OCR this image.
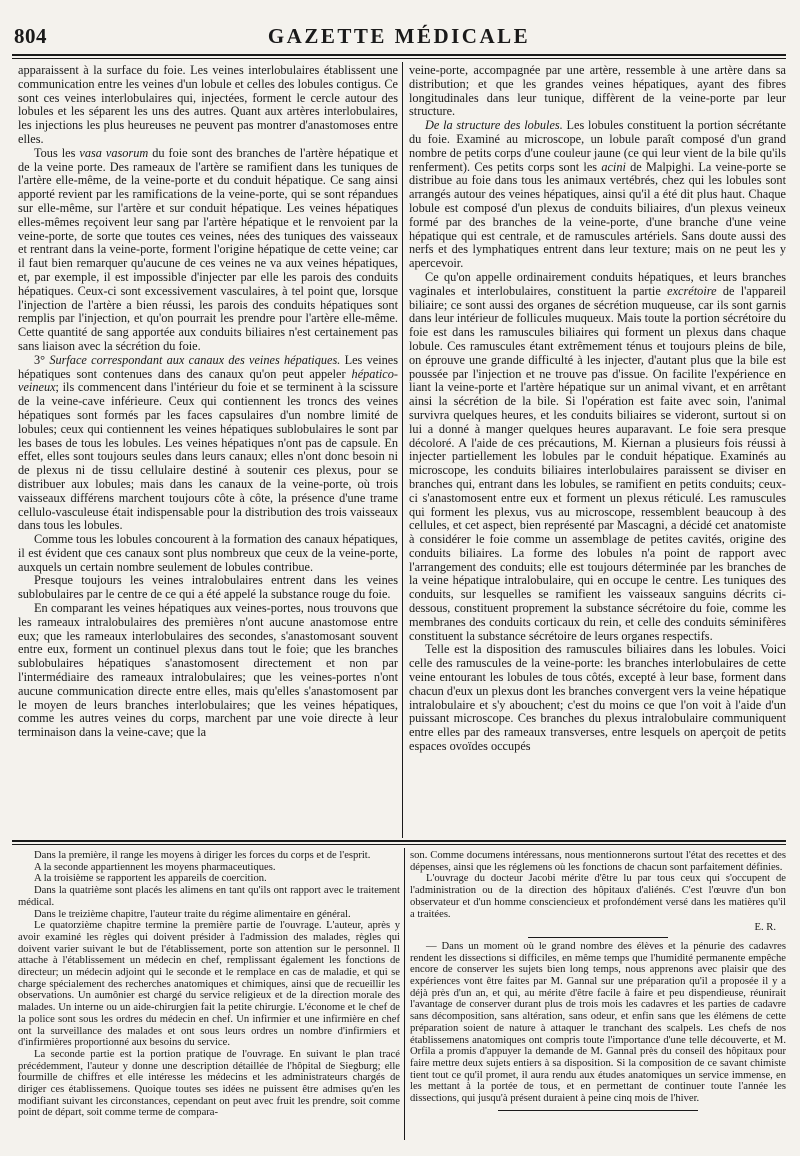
804	GAZETTE MÉDICALE

apparaissent à la surface du foie. Les veines interlobulaires établissent une communication entre les veines d'un lobule et celles des lobules contigus. Ce sont ces veines interlobulaires qui, injectées, forment le cercle autour des lobules et les séparent les uns des autres. Quant aux artères interlobulaires, les injections les plus heureuses ne peuvent pas montrer d'anastomoses entre elles.

Tous les vasa vasorum du foie sont des branches de l'artère hépatique et de la veine porte. Des rameaux de l'artère se ramifient dans les tuniques de l'artère elle-même, de la veine-porte et du conduit hépatique. Ce sang ainsi apporté revient par les ramifications de la veine-porte, qui se sont répandues sur elle-même, sur l'artère et sur conduit hépatique. Les veines hépatiques elles-mêmes reçoivent leur sang par l'artère hépatique et le renvoient par la veine-porte, de sorte que toutes ces veines, nées des tuniques des vaisseaux et rentrant dans la veine-porte, forment l'origine hépatique de cette veine; car il faut bien remarquer qu'aucune de ces veines ne va aux veines hépatiques, et, par exemple, il est impossible d'injecter par elle les parois des conduits hépatiques. Ceux-ci sont excessivement vasculaires, à tel point que, lorsque l'injection de l'artère a bien réussi, les parois des conduits hépatiques sont remplis par l'injection, et qu'on pourrait les prendre pour l'artère elle-même. Cette quantité de sang apportée aux conduits biliaires n'est certainement pas sans liaison avec la sécrétion du foie.

3° Surface correspondant aux canaux des veines hépatiques. Les veines hépatiques sont contenues dans des canaux qu'on peut appeler hépatico-veineux; ils commencent dans l'intérieur du foie et se terminent à la scissure de la veine-cave inférieure. Ceux qui contiennent les troncs des veines hépatiques sont formés par les faces capsulaires d'un nombre limité de lobules; ceux qui contiennent les veines hépatiques sublobulaires le sont par les bases de tous les lobules. Les veines hépatiques n'ont pas de capsule. En effet, elles sont toujours seules dans leurs canaux; elles n'ont donc besoin ni de plexus ni de tissu cellulaire destiné à soutenir ces plexus, pour se distribuer aux lobules; mais dans les canaux de la veine-porte, où trois vaisseaux différens marchent toujours côte à côte, la présence d'une trame cellulo-vasculeuse était indispensable pour la distribution des trois vaisseaux dans tous les lobules.

Comme tous les lobules concourent à la formation des canaux hépatiques, il est évident que ces canaux sont plus nombreux que ceux de la veine-porte, auxquels un certain nombre seulement de lobules contribue.

Presque toujours les veines intralobulaires entrent dans les veines sublobulaires par le centre de ce qui a été appelé la substance rouge du foie.

En comparant les veines hépatiques aux veines-portes, nous trouvons que les rameaux intralobulaires des premières n'ont aucune anastomose entre eux; que les rameaux interlobulaires des secondes, s'anastomosant souvent entre eux, forment un continuel plexus dans tout le foie; que les branches sublobulaires hépatiques s'anastomosent directement et non par l'intermédiaire des rameaux intralobulaires; que les veines-portes n'ont aucune communication directe entre elles, mais qu'elles s'anastomosent par le moyen de leurs branches interlobulaires; que les veines hépatiques, comme les autres veines du corps, marchent par une voie directe à leur terminaison dans la veine-cave; que la

veine-porte, accompagnée par une artère, ressemble à une artère dans sa distribution; et que les grandes veines hépatiques, ayant des fibres longitudinales dans leur tunique, diffèrent de la veine-porte par leur structure.

De la structure des lobules. Les lobules constituent la portion sécrétante du foie. Examiné au microscope, un lobule paraît composé d'un grand nombre de petits corps d'une couleur jaune (ce qui leur vient de la bile qu'ils renferment). Ces petits corps sont les acini de Malpighi. La veine-porte se distribue au foie dans tous les animaux vertébrés, chez qui les lobules sont arrangés autour des veines hépatiques, ainsi qu'il a été dit plus haut. Chaque lobule est composé d'un plexus de conduits biliaires, d'un plexus veineux formé par des branches de la veine-porte, d'une branche d'une veine hépatique qui est centrale, et de ramuscules artériels. Sans doute aussi des nerfs et des lymphatiques entrent dans leur texture; mais on ne peut les y apercevoir.

Ce qu'on appelle ordinairement conduits hépatiques, et leurs branches vaginales et interlobulaires, constituent la partie excrétoire de l'appareil biliaire; ce sont aussi des organes de sécrétion muqueuse, car ils sont garnis dans leur intérieur de follicules muqueux. Mais toute la portion sécrétoire du foie est dans les ramuscules biliaires qui forment un plexus dans chaque lobule. Ces ramuscules étant extrêmement ténus et toujours pleins de bile, on éprouve une grande difficulté à les injecter, d'autant plus que la bile est poussée par l'injection et ne trouve pas d'issue. On facilite l'expérience en liant la veine-porte et l'artère hépatique sur un animal vivant, et en arrêtant ainsi la sécrétion de la bile. Si l'opération est faite avec soin, l'animal survivra quelques heures, et les conduits biliaires se videront, surtout si on lui a donné à manger quelques heures auparavant. Le foie sera presque décoloré. A l'aide de ces précautions, M. Kiernan a plusieurs fois réussi à injecter partiellement les lobules par le conduit hépatique. Examinés au microscope, les conduits biliaires interlobulaires paraissent se diviser en branches qui, entrant dans les lobules, se ramifient en petits conduits; ceux-ci s'anastomosent entre eux et forment un plexus réticulé. Les ramuscules qui forment les plexus, vus au microscope, ressemblent beaucoup à des cellules, et cet aspect, bien représenté par Mascagni, a décidé cet anatomiste à considérer le foie comme un assemblage de petites cavités, origine des conduits biliaires. La forme des lobules n'a point de rapport avec l'arrangement des conduits; elle est toujours déterminée par les branches de la veine hépatique intralobulaire, qui en occupe le centre. Les tuniques des conduits, sur lesquelles se ramifient les vaisseaux sanguins décrits ci-dessous, constituent proprement la substance sécrétoire du foie, comme les membranes des conduits corticaux du rein, et celle des conduits séminifères constituent la substance sécrétoire de leurs organes respectifs.

Telle est la disposition des ramuscules biliaires dans les lobules. Voici celle des ramuscules de la veine-porte: les branches interlobulaires de cette veine entourant les lobules de tous côtés, excepté à leur base, forment dans chacun d'eux un plexus dont les branches convergent vers la veine hépatique intralobulaire et s'y abouchent; c'est du moins ce que l'on voit à l'aide d'un puissant microscope. Ces branches du plexus intralobulaire communiquent entre elles par des rameaux transverses, entre lesquels on aperçoit de petits espaces ovoïdes occupés

Dans la première, il range les moyens à diriger les forces du corps et de l'esprit.

A la seconde appartiennent les moyens pharmaceutiques.

A la troisième se rapportent les appareils de coercition.

Dans la quatrième sont placés les alimens en tant qu'ils ont rapport avec le traitement médical.

Dans le treizième chapitre, l'auteur traite du régime alimentaire en général.

Le quatorzième chapitre termine la première partie de l'ouvrage. L'auteur, après y avoir examiné les règles qui doivent présider à l'admission des malades, règles qui doivent varier suivant le but de l'établissement, porte son attention sur le personnel. Il attache à l'établissement un médecin en chef, remplissant également les fonctions de directeur; un médecin adjoint qui le seconde et le remplace en cas de maladie, et qui se charge spécialement des recherches anatomiques et chimiques, ainsi que de recueillir les observations. Un aumônier est chargé du service religieux et de la direction morale des malades. Un interne ou un aide-chirurgien fait la petite chirurgie. L'économe et le chef de la police sont sous les ordres du médecin en chef. Un infirmier et une infirmière en chef ont la surveillance des malades et ont sous leurs ordres un nombre d'infirmiers et d'infirmières proportionné aux besoins du service.

La seconde partie est la portion pratique de l'ouvrage. En suivant le plan tracé précédemment, l'auteur y donne une description détaillée de l'hôpital de Siegburg; elle fourmille de chiffres et elle intéresse les médecins et les administrateurs chargés de diriger ces établissemens. Quoique toutes ses idées ne puissent être admises qu'en les modifiant suivant les circonstances, cependant on peut avec fruit les prendre, soit comme point de départ, soit comme terme de compara-

son. Comme documens intéressans, nous mentionnerons surtout l'état des recettes et des dépenses, ainsi que les réglemens où les fonctions de chacun sont parfaitement définies.

L'ouvrage du docteur Jacobi mérite d'être lu par tous ceux qui s'occupent de l'administration ou de la direction des hôpitaux d'aliénés. C'est l'œuvre d'un bon observateur et d'un homme consciencieux et profondément versé dans les matières qu'il a traitées.

E. R.

— Dans un moment où le grand nombre des élèves et la pénurie des cadavres rendent les dissections si difficiles, en même temps que l'humidité permanente empêche encore de conserver les sujets bien long temps, nous apprenons avec plaisir que des expériences vont être faites par M. Gannal sur une préparation qu'il a proposée il y a déjà près d'un an, et qui, au mérite d'être facile à faire et peu dispendieuse, réunirait l'avantage de conserver durant plus de trois mois les cadavres et les parties de cadavre sans décomposition, sans altération, sans odeur, et enfin sans que les élémens de cette préparation soient de nature à attaquer le tranchant des scalpels. Les chefs de nos établissemens anatomiques ont compris toute l'importance d'une telle découverte, et M. Orfila a promis d'appuyer la demande de M. Gannal près du conseil des hôpitaux pour faire mettre deux sujets entiers à sa disposition. Si la composition de ce savant chimiste tient tout ce qu'il promet, il aura rendu aux études anatomiques un service immense, en les mettant à la portée de tous, et en permettant de continuer toute l'année les dissections, qui jusqu'à présent duraient à peine cinq mois de l'hiver.
